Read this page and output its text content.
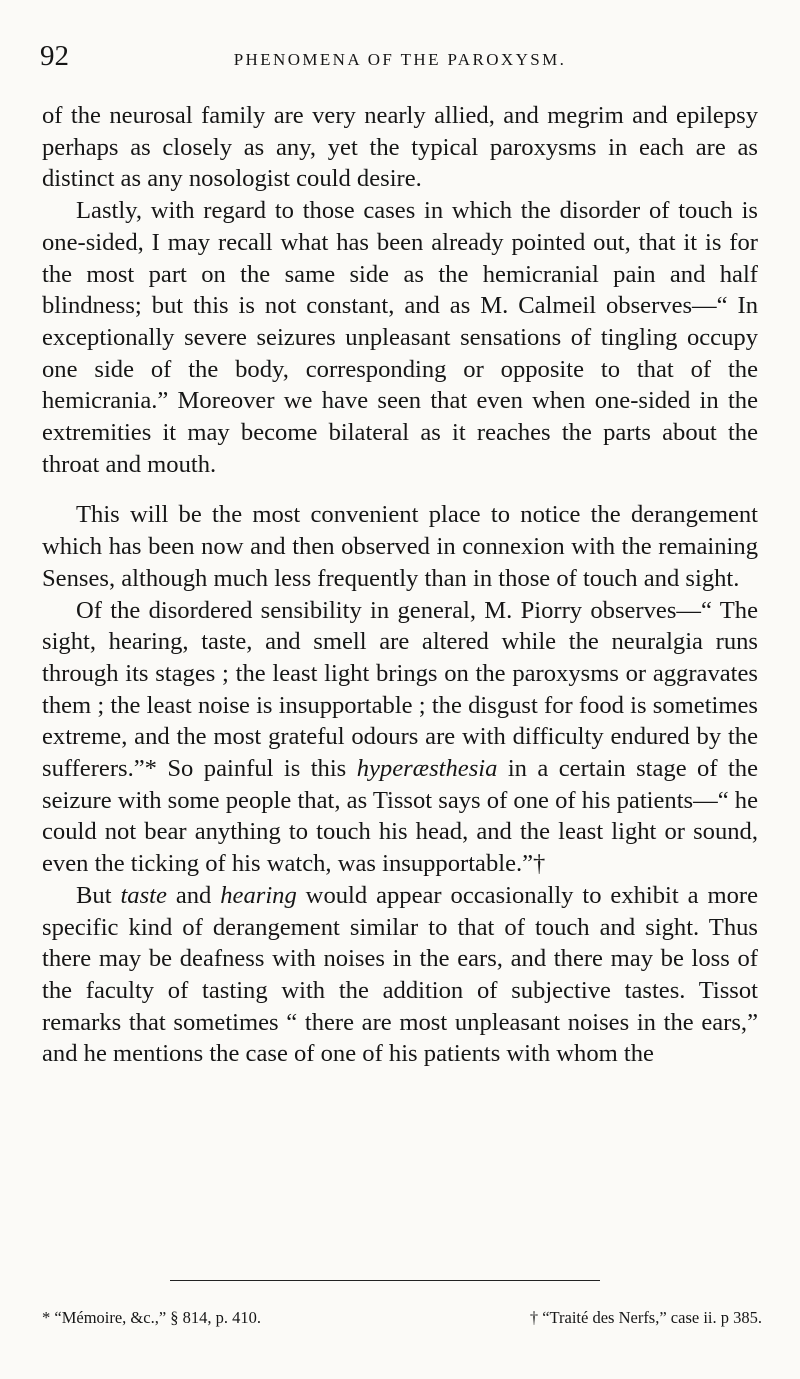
92	PHENOMENA OF THE PAROXYSM.

of the neurosal family are very nearly allied, and megrim and epilepsy perhaps as closely as any, yet the typical paroxysms in each are as distinct as any nosologist could desire.

Lastly, with regard to those cases in which the disorder of touch is one-sided, I may recall what has been already pointed out, that it is for the most part on the same side as the hemicranial pain and half blindness; but this is not constant, and as M. Calmeil observes—“ In exceptionally severe seizures unpleasant sensations of tingling occupy one side of the body, corresponding or opposite to that of the hemicrania.” Moreover we have seen that even when one-sided in the extremities it may become bilateral as it reaches the parts about the throat and mouth.

This will be the most convenient place to notice the derangement which has been now and then observed in connexion with the remaining Senses, although much less frequently than in those of touch and sight.

Of the disordered sensibility in general, M. Piorry observes—“ The sight, hearing, taste, and smell are altered while the neuralgia runs through its stages ; the least light brings on the paroxysms or aggravates them ; the least noise is insupportable ; the disgust for food is sometimes extreme, and the most grateful odours are with difficulty endured by the sufferers.”* So painful is this hyperæsthesia in a certain stage of the seizure with some people that, as Tissot says of one of his patients—“ he could not bear anything to touch his head, and the least light or sound, even the ticking of his watch, was insupportable.”†

But taste and hearing would appear occasionally to exhibit a more specific kind of derangement similar to that of touch and sight. Thus there may be deafness with noises in the ears, and there may be loss of the faculty of tasting with the addition of subjective tastes. Tissot remarks that sometimes “ there are most unpleasant noises in the ears,” and he mentions the case of one of his patients with whom the

* “Mémoire, &c.,” § 814, p. 410.	† “Traité des Nerfs,” case ii. p 385.
